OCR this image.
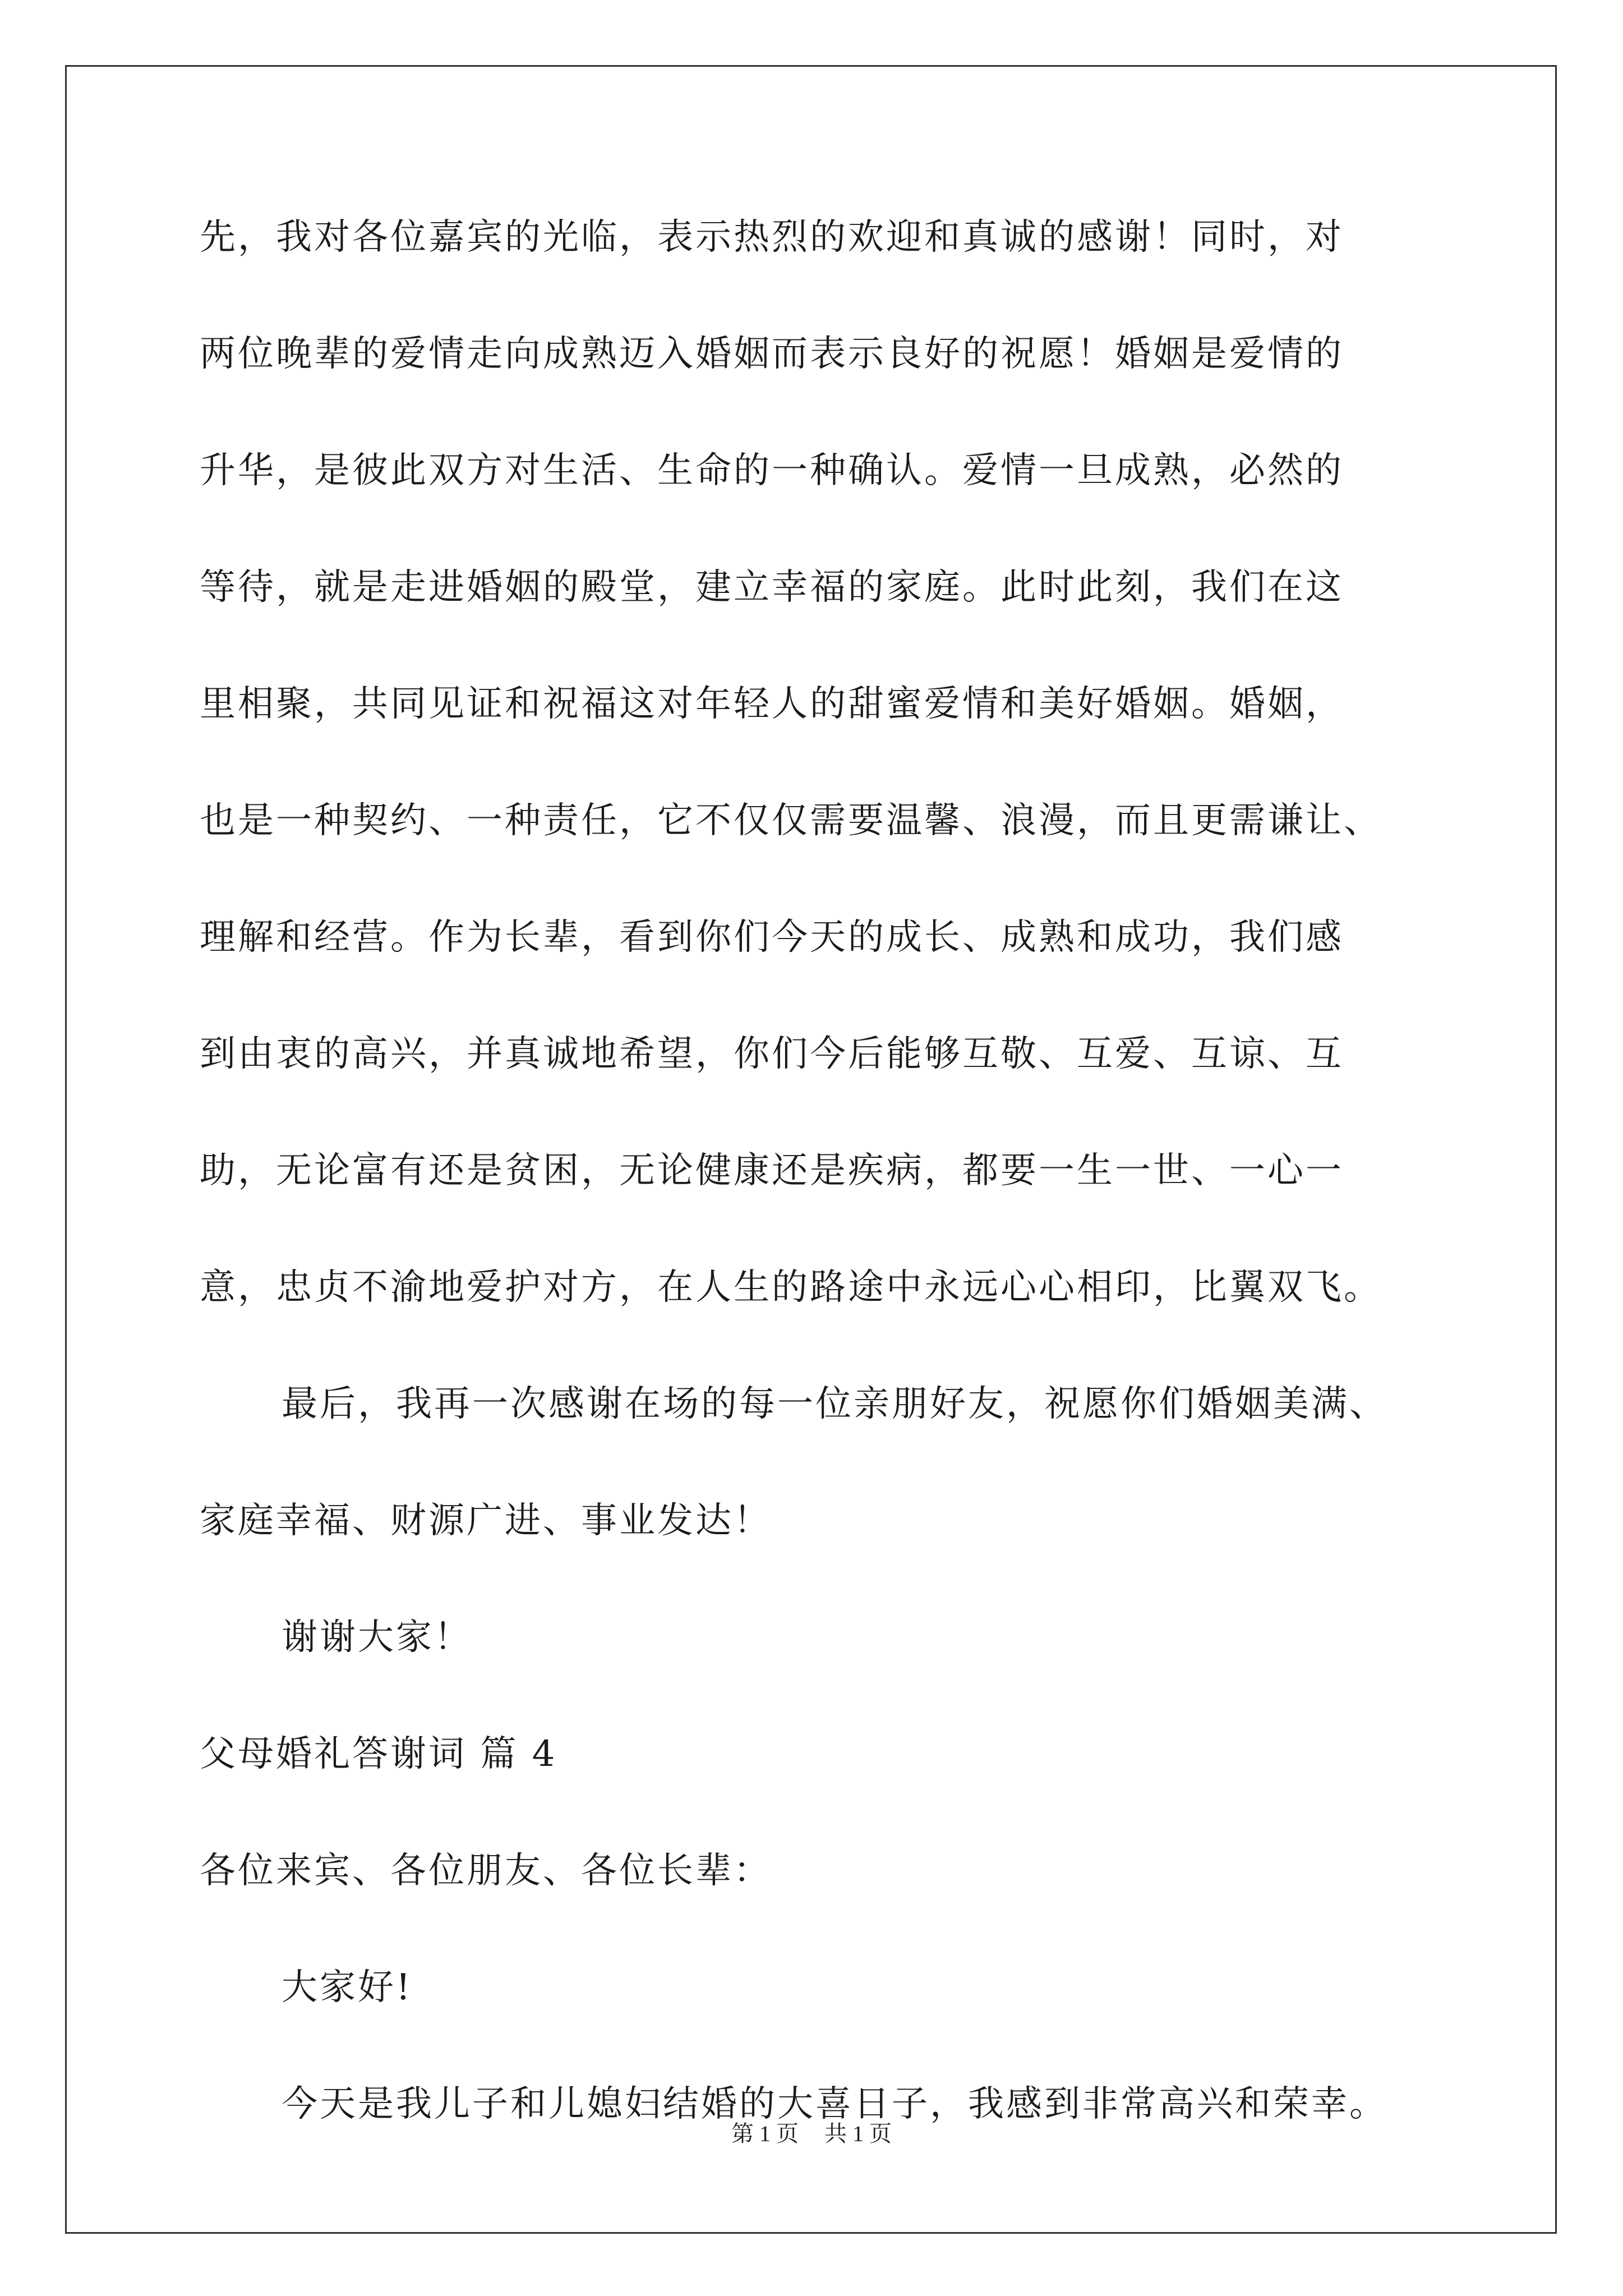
先，我对各位嘉宾的光临，表示热烈的欢迎和真诚的感谢！同时，对
两位晚辈的爱情走向成熟迈入婚姻而表示良好的祝愿！婚姻是爱情的
升华，是彼此双方对生活、生命的一种确认。爱情一旦成熟，必然的
等待，就是走进婚姻的殿堂，建立幸福的家庭。此时此刻，我们在这
里相聚，共同见证和祝福这对年轻人的甜蜜爱情和美好婚姻。婚姻，
也是一种契约、一种责任，它不仅仅需要温馨、浪漫，而且更需谦让、
理解和经营。作为长辈，看到你们今天的成长、成熟和成功，我们感
到由衷的高兴，并真诚地希望，你们今后能够互敬、互爱、互谅、互
助，无论富有还是贫困，无论健康还是疾病，都要一生一世、一心一
意，忠贞不渝地爱护对方，在人生的路途中永远心心相印，比翼双飞。
最后，我再一次感谢在场的每一位亲朋好友，祝愿你们婚姻美满、
家庭幸福、财源广进、事业发达！
谢谢大家！
父母婚礼答谢词 篇 4
各位来宾、各位朋友、各位长辈：
大家好!
今天是我儿子和儿媳妇结婚的大喜日子，我感到非常高兴和荣幸。
第 1 页 共 1 页
